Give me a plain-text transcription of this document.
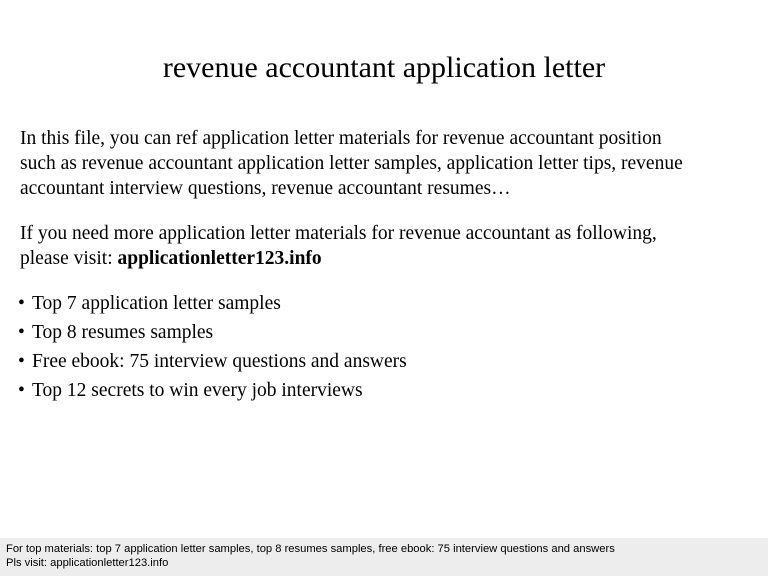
revenue accountant application letter
In this file, you can ref application letter materials for revenue accountant position
such as revenue accountant application letter samples, application letter tips, revenue
accountant interview questions, revenue accountant resumes…
If you need more application letter materials for revenue accountant as following,
please visit: applicationletter123.info
• Top 7 application letter samples
• Top 8 resumes samples
• Free ebook: 75 interview questions and answers
• Top 12 secrets to win every job interviews
For top materials: top 7 application letter samples, top 8 resumes samples, free ebook: 75 interview questions and answers
Pls visit: applicationletter123.info
